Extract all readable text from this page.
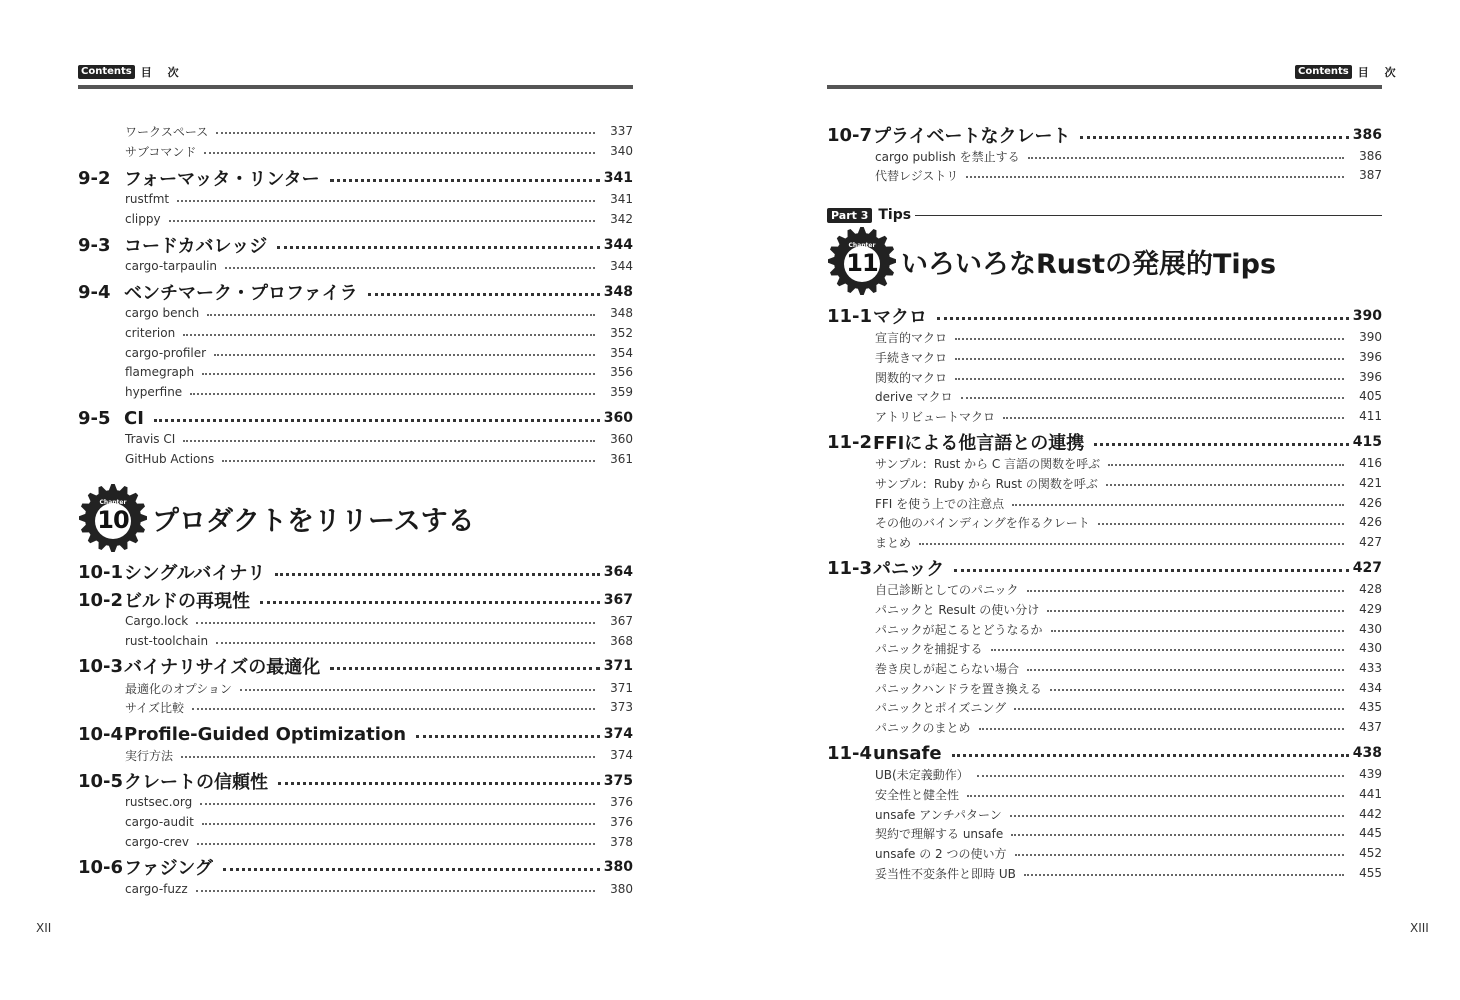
Contents 目 次
ワークスペース	337
サブコマンド	340
9-2 フォーマッタ・リンター	341
rustfmt	341
clippy	342
9-3 コードカバレッジ	344
cargo-tarpaulin	344
9-4 ベンチマーク・プロファイラ	348
cargo bench	348
criterion	352
cargo-profiler	354
flamegraph	356
hyperfine	359
9-5 CI	360
Travis CI	360
GitHub Actions	361
Chapter
10 プロダクトをリリースする
10-1 シングルバイナリ	364
10-2 ビルドの再現性	367
Cargo.lock	367
rust-toolchain	368
10-3 バイナリサイズの最適化	371
最適化のオプション	371
サイズ比較	373
10-4 Profile-Guided Optimization	374
実行方法	374
10-5 クレートの信頼性	375
rustsec.org	376
cargo-audit	376
cargo-crev	378
10-6 ファジング	380
cargo-fuzz	380
XII
Contents 目 次
10-7 プライベートなクレート	386
cargo publish を禁止する	386
代替レジストリ	387
Part 3 Tips
Chapter
11 いろいろなRustの発展的Tips
11-1 マクロ	390
宣言的マクロ	390
手続きマクロ	396
関数的マクロ	396
derive マクロ	405
アトリビュートマクロ	411
11-2 FFIによる他言語との連携	415
サンプル：Rust から C 言語の関数を呼ぶ	416
サンプル：Ruby から Rust の関数を呼ぶ	421
FFI を使う上での注意点	426
その他のバインディングを作るクレート	426
まとめ	427
11-3 パニック	427
自己診断としてのパニック	428
パニックと Result の使い分け	429
パニックが起こるとどうなるか	430
パニックを捕捉する	430
巻き戻しが起こらない場合	433
パニックハンドラを置き換える	434
パニックとポイズニング	435
パニックのまとめ	437
11-4 unsafe	438
UB(未定義動作）	439
安全性と健全性	441
unsafe アンチパターン	442
契約で理解する unsafe	445
unsafe の 2 つの使い方	452
妥当性不変条件と即時 UB	455
XIII
